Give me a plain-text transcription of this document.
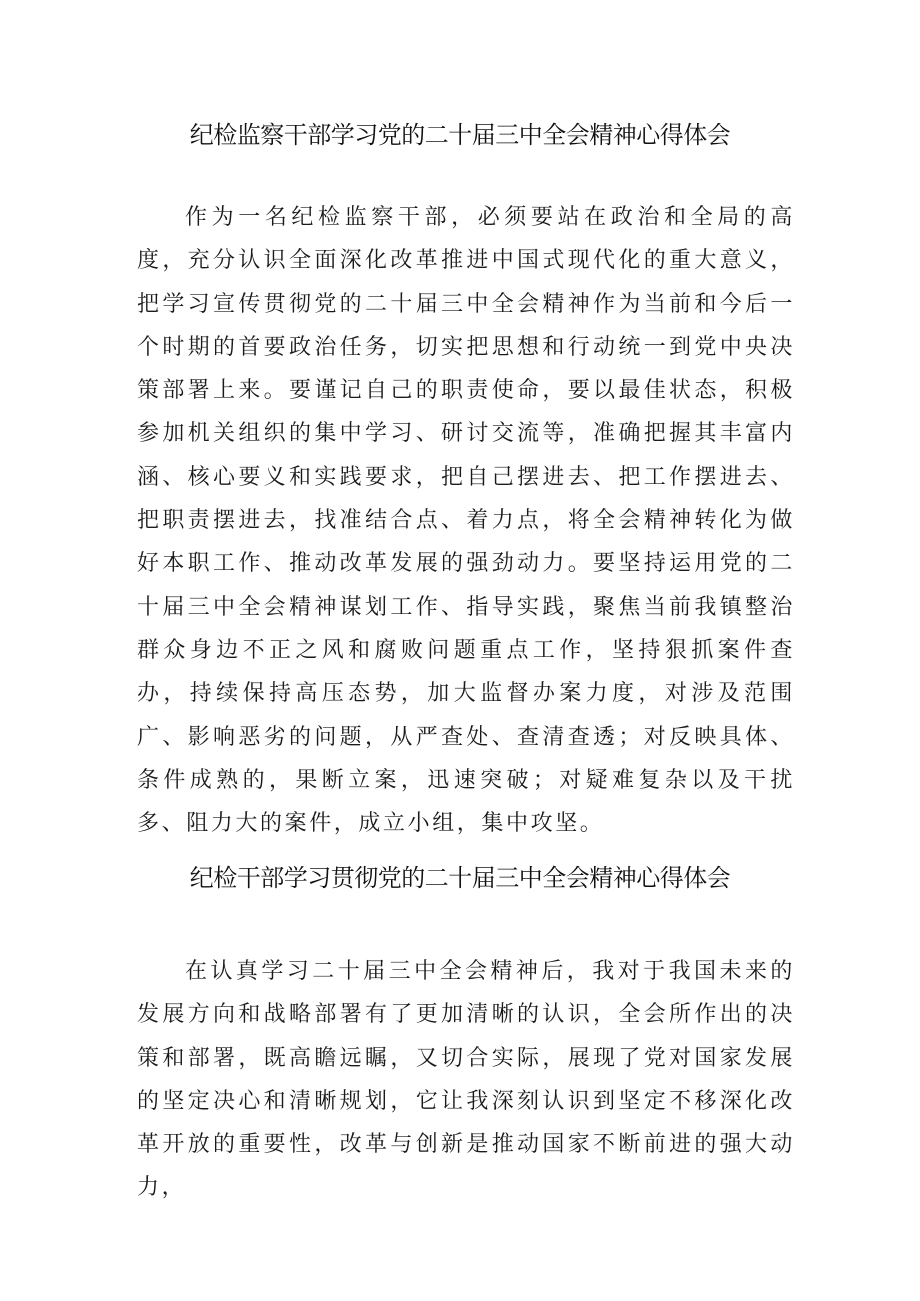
纪检监察干部学习党的二十届三中全会精神心得体会

作为一名纪检监察干部，必须要站在政治和全局的高度，充分认识全面深化改革推进中国式现代化的重大意义，把学习宣传贯彻党的二十届三中全会精神作为当前和今后一个时期的首要政治任务，切实把思想和行动统一到党中央决策部署上来。要谨记自己的职责使命，要以最佳状态，积极参加机关组织的集中学习、研讨交流等，准确把握其丰富内涵、核心要义和实践要求，把自己摆进去、把工作摆进去、把职责摆进去，找准结合点、着力点，将全会精神转化为做好本职工作、推动改革发展的强劲动力。要坚持运用党的二十届三中全会精神谋划工作、指导实践，聚焦当前我镇整治群众身边不正之风和腐败问题重点工作，坚持狠抓案件查办，持续保持高压态势，加大监督办案力度，对涉及范围广、影响恶劣的问题，从严查处、查清查透；对反映具体、条件成熟的，果断立案，迅速突破；对疑难复杂以及干扰多、阻力大的案件，成立小组，集中攻坚。

纪检干部学习贯彻党的二十届三中全会精神心得体会

在认真学习二十届三中全会精神后，我对于我国未来的发展方向和战略部署有了更加清晰的认识，全会所作出的决策和部署，既高瞻远瞩，又切合实际，展现了党对国家发展的坚定决心和清晰规划，它让我深刻认识到坚定不移深化改革开放的重要性，改革与创新是推动国家不断前进的强大动力，
